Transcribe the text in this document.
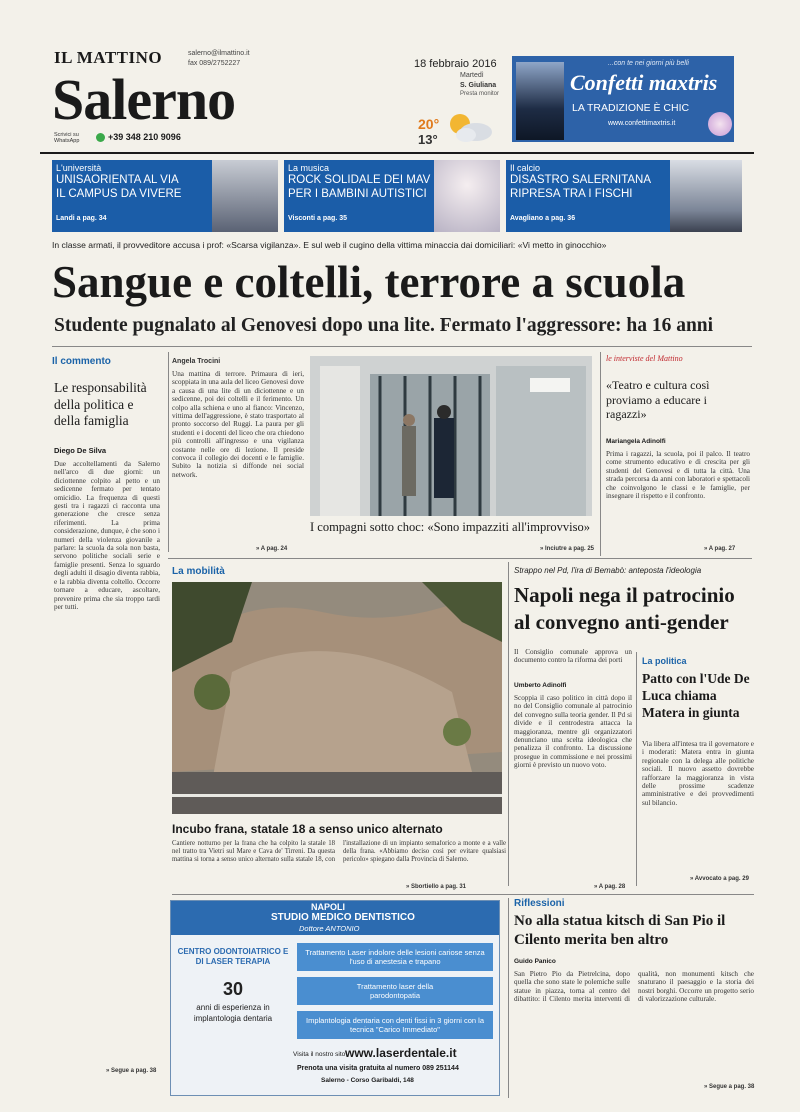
IL MATTINO
Salerno
salerno@ilmattino.it
fax 089/2752227
Scrivici su WhatsApp	+39 348 210 9096
18 febbraio 2016
Martedì
S. Giuliana
Presta monitor
20°
13°
...con te nei giorni più belli
Confetti maxtris
LA TRADIZIONE È CHIC
www.confettimaxtris.it
L'università
UNISAORIENTA AL VIA
IL CAMPUS DA VIVERE
Landi a pag. 34
La musica
ROCK SOLIDALE DEI MAV
PER I BAMBINI AUTISTICI
Visconti a pag. 35
Il calcio
DISASTRO SALERNITANA
RIPRESA TRA I FISCHI
Avagliano a pag. 36
In classe armati, il provveditore accusa i prof: «Scarsa vigilanza». E sul web il cugino della vittima minaccia dai domiciliari: «Vi metto in ginocchio»
Sangue e coltelli, terrore a scuola
Studente pugnalato al Genovesi dopo una lite. Fermato l'aggressore: ha 16 anni
Il commento
Le responsabilità della politica e della famiglia
Diego De Silva
Due accoltellamenti da Salerno nell'arco di due giorni: un diciottenne colpito al petto e un sedicenne fermato per tentato omicidio. La frequenza di questi gesti tra i ragazzi ci racconta una generazione che cresce senza riferimenti. La prima considerazione, dunque, è che sono i numeri della violenza giovanile a parlare: la scuola da sola non basta, servono politiche sociali serie e famiglie presenti. Senza lo sguardo degli adulti il disagio diventa rabbia, e la rabbia diventa coltello. Occorre tornare a educare, ascoltare, prevenire prima che sia troppo tardi per tutti.
» Segue a pag. 38
Angela Trocini
Una mattina di terrore. Primaura di ieri, scoppiata in una aula del liceo Genovesi dove a causa di una lite di un diciottenne e un sedicenne, poi dei coltelli e il ferimento. Un colpo alla schiena e uno al fianco: Vincenzo, vittima dell'aggressione, è stato trasportato al pronto soccorso del Ruggi. La paura per gli studenti e i docenti del liceo che ora chiedono più controlli all'ingresso e una vigilanza costante nelle ore di lezione. Il preside convoca il collegio dei docenti e le famiglie. Subito la notizia si diffonde nei social network.
» A pag. 24
I compagni sotto choc: «Sono impazziti all'improvviso»
» Inciutre a pag. 25
le interviste del Mattino
«Teatro e cultura così proviamo a educare i ragazzi»
Mariangela Adinolfi
Prima i ragazzi, la scuola, poi il palco. Il teatro come strumento educativo e di crescita per gli studenti del Genovesi e di tutta la città. Una strada percorsa da anni con laboratori e spettacoli che coinvolgono le classi e le famiglie, per insegnare il rispetto e il confronto.
» A pag. 27
La mobilità
Incubo frana, statale 18 a senso unico alternato
Cantiere notturno per la frana che ha colpito la statale 18 nel tratto tra Vietri sul Mare e Cava de' Tirreni. Da questa mattina si torna a senso unico alternato sulla statale 18, con l'installazione di un impianto semaforico a monte e a valle della frana. «Abbiamo deciso così per evitare qualsiasi pericolo» spiegano dalla Provincia di Salerno.
» Sbortiello a pag. 31
Strappo nel Pd, l'ira di Bemabò: anteposta l'ideologia
Napoli nega il patrocinio al convegno anti-gender
Il Consiglio comunale approva un documento contro la riforma dei porti
Umberto Adinolfi
Scoppia il caso politico in città dopo il no del Consiglio comunale al patrocinio del convegno sulla teoria gender. Il Pd si divide e il centrodestra attacca la maggioranza, mentre gli organizzatori denunciano una scelta ideologica che penalizza il confronto. La discussione prosegue in commissione e nei prossimi giorni è previsto un nuovo voto.
» A pag. 28
La politica
Patto con l'Ude De Luca chiama Matera in giunta
Via libera all'intesa tra il governatore e i moderati: Matera entra in giunta regionale con la delega alle politiche sociali. Il nuovo assetto dovrebbe rafforzare la maggioranza in vista delle prossime scadenze amministrative e dei provvedimenti sul bilancio.
» Avvocato a pag. 29
NAPOLI
STUDIO MEDICO DENTISTICO
Dottore ANTONIO
CENTRO ODONTOIATRICO E DI LASER TERAPIA
30
anni di esperienza in implantologia dentaria
Trattamento Laser indolore delle lesioni cariose senza l'uso di anestesia e trapano
Trattamento laser della parodontopatia
Implantologia dentaria con denti fissi in 3 giorni con la tecnica "Carico Immediato"
Visita il nostro sito www.laserdentale.it
Prenota una visita gratuita al numero 089 251144
Salerno - Corso Garibaldi, 148
Riflessioni
No alla statua kitsch di San Pio il Cilento merita ben altro
Guido Panico
San Pietro Pio da Pietrelcina, dopo quella che sono state le polemiche sulle statue in piazza, torna al centro del dibattito: il Cilento merita interventi di qualità, non monumenti kitsch che snaturano il paesaggio e la storia dei nostri borghi. Occorre un progetto serio di valorizzazione culturale.
» Segue a pag. 38
